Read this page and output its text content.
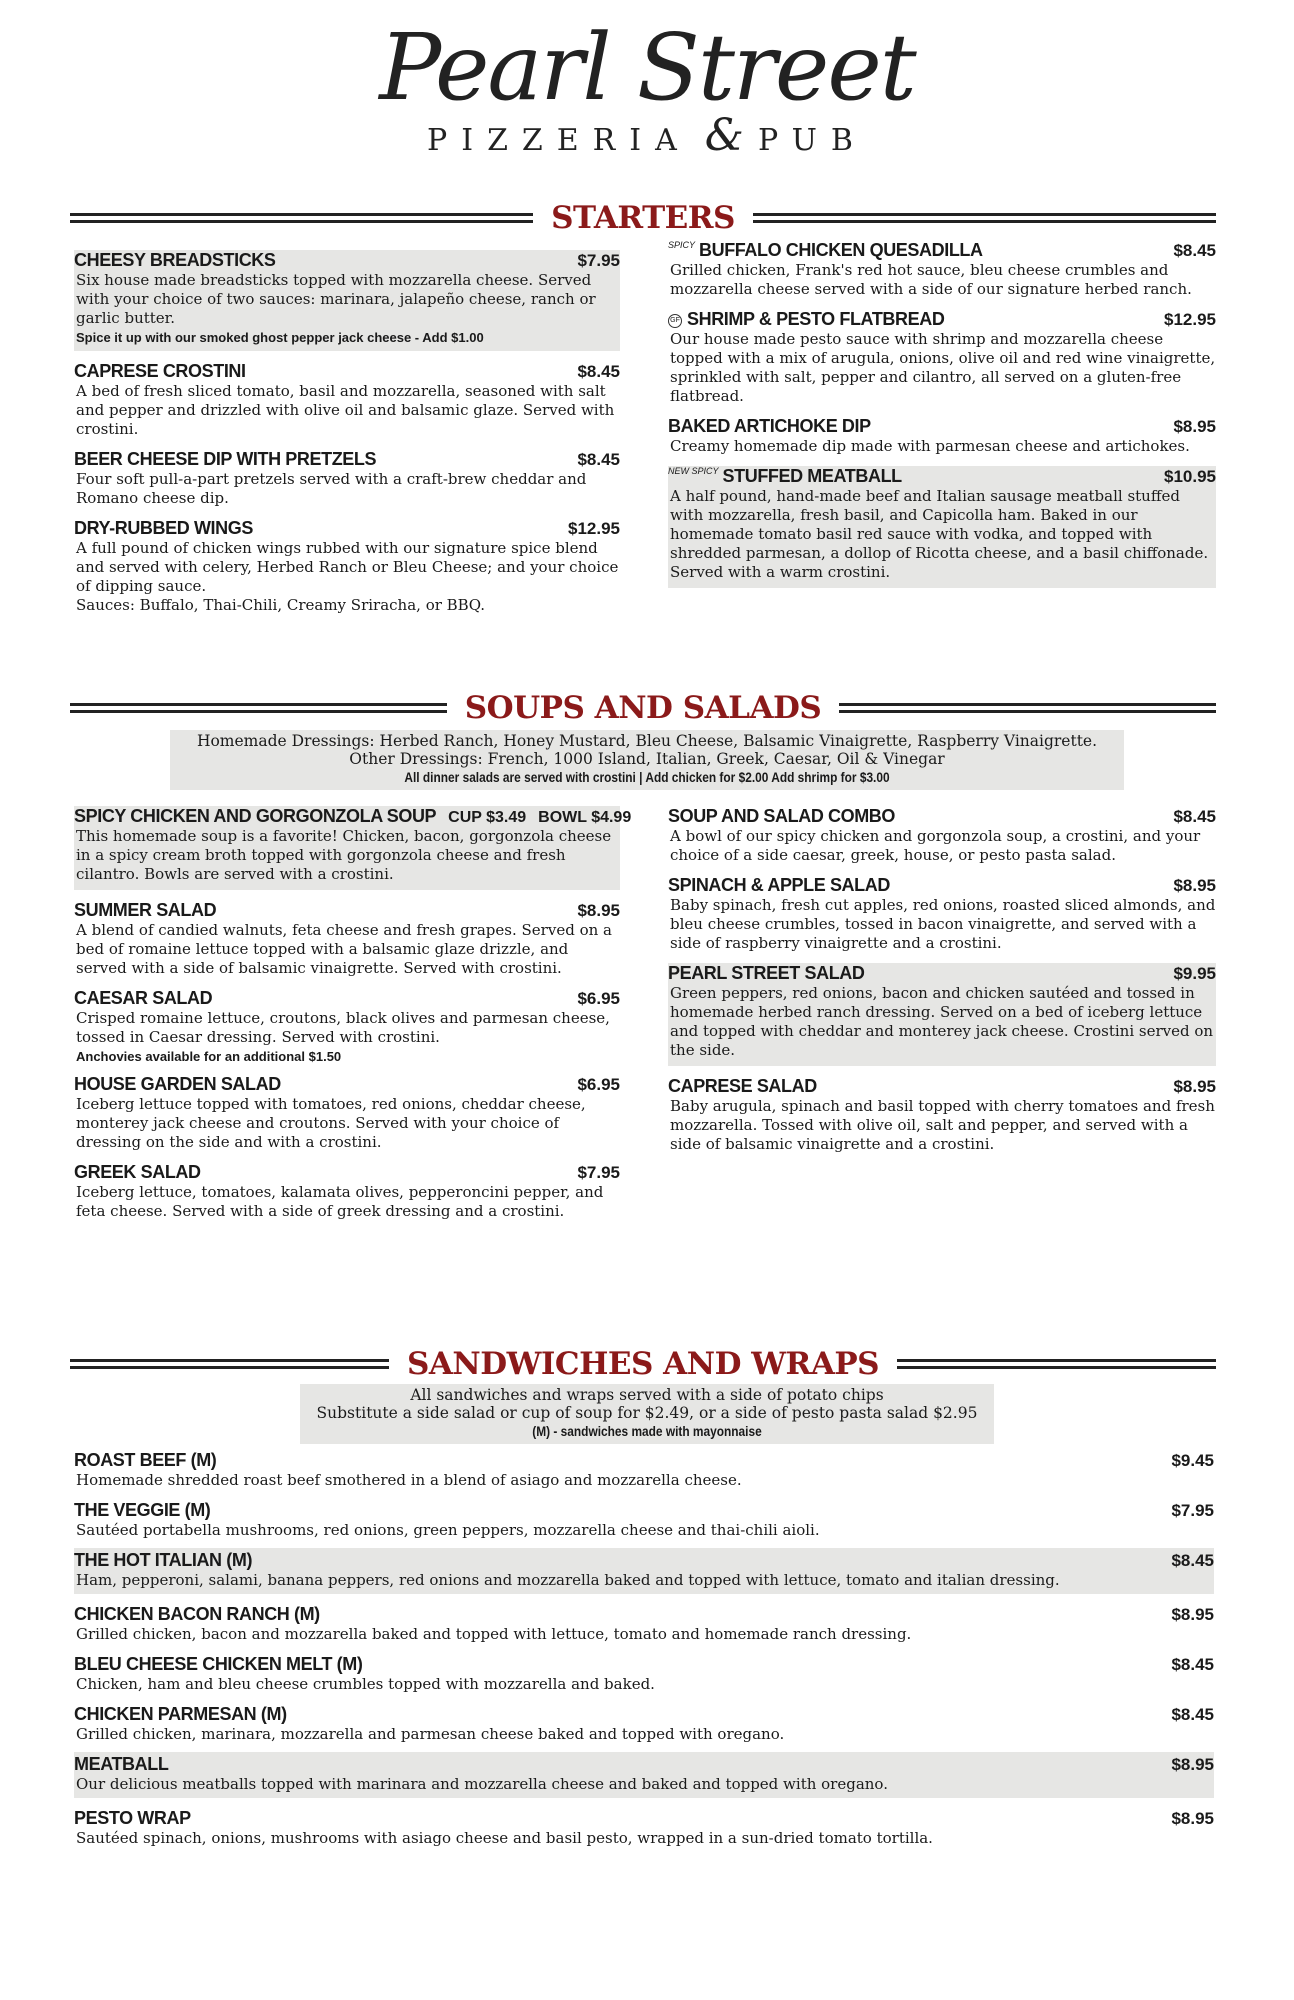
Pearl Street
PIZZERIA & PUB
STARTERS
CHEESY BREADSTICKS	$7.95
Six house made breadsticks topped with mozzarella cheese. Served with your choice of two sauces: marinara, jalapeño cheese, ranch or garlic butter.
Spice it up with our smoked ghost pepper jack cheese - Add $1.00
CAPRESE CROSTINI	$8.45
A bed of fresh sliced tomato, basil and mozzarella, seasoned with salt and pepper and drizzled with olive oil and balsamic glaze. Served with crostini.
BEER CHEESE DIP WITH PRETZELS	$8.45
Four soft pull-a-part pretzels served with a craft-brew cheddar and Romano cheese dip.
DRY-RUBBED WINGS	$12.95
A full pound of chicken wings rubbed with our signature spice blend and served with celery, Herbed Ranch or Bleu Cheese; and your choice of dipping sauce.
Sauces: Buffalo, Thai-Chili, Creamy Sriracha, or BBQ.
$^{SPICY}$ BUFFALO CHICKEN QUESADILLA	$8.45
Grilled chicken, Frank's red hot sauce, bleu cheese crumbles and mozzarella cheese served with a side of our signature herbed ranch.
GF SHRIMP & PESTO FLATBREAD	$12.95
Our house made pesto sauce with shrimp and mozzarella cheese topped with a mix of arugula, onions, olive oil and red wine vinaigrette, sprinkled with salt, pepper and cilantro, all served on a gluten-free flatbread.
BAKED ARTICHOKE DIP	$8.95
Creamy homemade dip made with parmesan cheese and artichokes.
$^{NEW SPICY}$ STUFFED MEATBALL	$10.95
A half pound, hand-made beef and Italian sausage meatball stuffed with mozzarella, fresh basil, and Capicolla ham. Baked in our homemade tomato basil red sauce with vodka, and topped with shredded parmesan, a dollop of Ricotta cheese, and a basil chiffonade. Served with a warm crostini.
SOUPS AND SALADS
Homemade Dressings: Herbed Ranch, Honey Mustard, Bleu Cheese, Balsamic Vinaigrette, Raspberry Vinaigrette.
Other Dressings: French, 1000 Island, Italian, Greek, Caesar, Oil & Vinegar
All dinner salads are served with crostini | Add chicken for $2.00 Add shrimp for $3.00
SPICY CHICKEN AND GORGONZOLA SOUP CUP $3.49 BOWL $4.99
This homemade soup is a favorite! Chicken, bacon, gorgonzola cheese in a spicy cream broth topped with gorgonzola cheese and fresh cilantro. Bowls are served with a crostini.
SUMMER SALAD	$8.95
A blend of candied walnuts, feta cheese and fresh grapes. Served on a bed of romaine lettuce topped with a balsamic glaze drizzle, and served with a side of balsamic vinaigrette. Served with crostini.
CAESAR SALAD	$6.95
Crisped romaine lettuce, croutons, black olives and parmesan cheese, tossed in Caesar dressing. Served with crostini.
Anchovies available for an additional $1.50
HOUSE GARDEN SALAD	$6.95
Iceberg lettuce topped with tomatoes, red onions, cheddar cheese, monterey jack cheese and croutons. Served with your choice of dressing on the side and with a crostini.
GREEK SALAD	$7.95
Iceberg lettuce, tomatoes, kalamata olives, pepperoncini pepper, and feta cheese. Served with a side of greek dressing and a crostini.
SOUP AND SALAD COMBO	$8.45
A bowl of our spicy chicken and gorgonzola soup, a crostini, and your choice of a side caesar, greek, house, or pesto pasta salad.
SPINACH & APPLE SALAD	$8.95
Baby spinach, fresh cut apples, red onions, roasted sliced almonds, and bleu cheese crumbles, tossed in bacon vinaigrette, and served with a side of raspberry vinaigrette and a crostini.
PEARL STREET SALAD	$9.95
Green peppers, red onions, bacon and chicken sautéed and tossed in homemade herbed ranch dressing. Served on a bed of iceberg lettuce and topped with cheddar and monterey jack cheese. Crostini served on the side.
CAPRESE SALAD	$8.95
Baby arugula, spinach and basil topped with cherry tomatoes and fresh mozzarella. Tossed with olive oil, salt and pepper, and served with a side of balsamic vinaigrette and a crostini.
SANDWICHES AND WRAPS
All sandwiches and wraps served with a side of potato chips
Substitute a side salad or cup of soup for $2.49, or a side of pesto pasta salad $2.95
(M) - sandwiches made with mayonnaise
ROAST BEEF (M)	$9.45
Homemade shredded roast beef smothered in a blend of asiago and mozzarella cheese.
THE VEGGIE (M)	$7.95
Sautéed portabella mushrooms, red onions, green peppers, mozzarella cheese and thai-chili aioli.
THE HOT ITALIAN (M)	$8.45
Ham, pepperoni, salami, banana peppers, red onions and mozzarella baked and topped with lettuce, tomato and italian dressing.
CHICKEN BACON RANCH (M)	$8.95
Grilled chicken, bacon and mozzarella baked and topped with lettuce, tomato and homemade ranch dressing.
BLEU CHEESE CHICKEN MELT (M)	$8.45
Chicken, ham and bleu cheese crumbles topped with mozzarella and baked.
CHICKEN PARMESAN (M)	$8.45
Grilled chicken, marinara, mozzarella and parmesan cheese baked and topped with oregano.
MEATBALL	$8.95
Our delicious meatballs topped with marinara and mozzarella cheese and baked and topped with oregano.
PESTO WRAP	$8.95
Sautéed spinach, onions, mushrooms with asiago cheese and basil pesto, wrapped in a sun-dried tomato tortilla.
